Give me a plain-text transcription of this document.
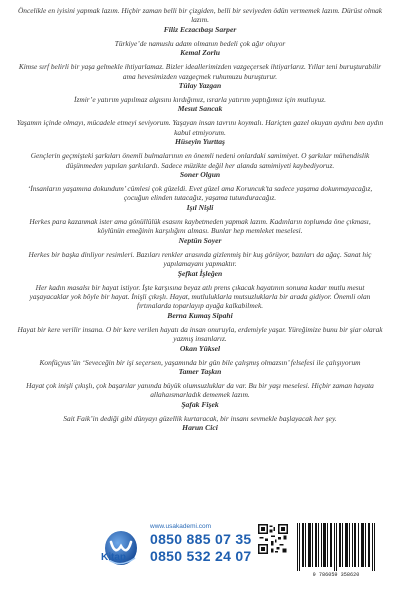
Öncelikle en iyisini yapmak lazım. Hiçbir zaman belli bir çizgiden, belli bir seviyeden ödün vermemek lazım. Dürüst olmak lazım.
Filiz Eczacıbaşı Sarper
Türkiye’de namuslu adam olmanın bedeli çok ağır oluyor
Kemal Zorlu
Kimse sırf belirli bir yaşa gelmekle ihtiyarlamaz. Bizler ideallerimizden vazgeçersek ihtiyarlarız. Yıllar teni buruşturabilir ama hevesimizden vazgeçmek ruhumuzu buruşturur.
Tülay Yazgan
İzmir’e yatırım yapılmaz algısını kırdığımız, ısrarla yatırım yaptığımız için mutluyuz.
Mesut Sancak
Yaşamın içinde olmayı, mücadele etmeyi seviyorum. Yaşayan insan tavrını koymalı. Hariçten gazel okuyan aydını ben aydın kabul etmiyorum.
Hüseyin Yurttaş
Gençlerin geçmişteki şarkıları önemli bulmalarının en önemli nedeni onlardaki samimiyet. O şarkılar mühendislik düşünmeden yapılan şarkılardı. Sadece müzikte değil her alanda samimiyeti kaybediyoruz.
Soner Olgun
‘İnsanların yaşamına dokundum’ cümlesi çok güzeldi. Evet güzel ama Koruncuk’ta sadece yaşama dokunmayacağız, çocuğun elinden tutacağız, yaşama tutunduracağız.
Işıl Nişli
Herkes para kazanmak ister ama gönüllülük esasını kaybetmeden yapmak lazım. Kadınların toplumda öne çıkması, köylünün emeğinin karşılığını alması. Bunlar hep memleket meselesi.
Neptün Soyer
Herkes bir başka dinliyor resimleri. Bazıları renkler arasında gizlenmiş bir kuş görüyor, bazıları da ağaç. Sanat hiç yapılamayanı yapmaktır.
Şefkat İşleğen
Her kadın masalsı bir hayat istiyor. İşte karşısına beyaz atlı prens çıkacak hayatının sonuna kadar mutlu mesut yaşayacaklar yok böyle bir hayat. İnişli çıkışlı. Hayat, mutluluklarla mutsuzluklarla bir arada gidiyor. Önemli olan fırtınalarda toparlayıp ayağa kalkabilmek.
Berna Kumaş Sipahi
Hayat bir kere verilir insana. O bir kere verilen hayatı da insan onuruyla, erdemiyle yaşar. Yüreğimize bunu bir şiar olarak yazmış insanlarız.
Okan Yüksel
Konfüçyus’ün ‘Seveceğin bir işi seçersen, yaşamında bir gün bile çalışmış olmazsın’ felsefesi ile çalışıyorum
Tamer Taşkın
Hayat çok inişli çıkışlı, çok başarılar yanında büyük olumsuzluklar da var. Bu bir yaşı meselesi. Hiçbir zaman hayata allahaısmarladık dememek lazım.
Şafak Fişek
Sait Faik’in dediği gibi dünyayı güzellik kurtaracak, bir insanı sevmekle başlayacak her şey.
Harun Cici
www.usakademi.com
0850 885 07 35
Kitap 0850 532 24 07
9 786059 358620
